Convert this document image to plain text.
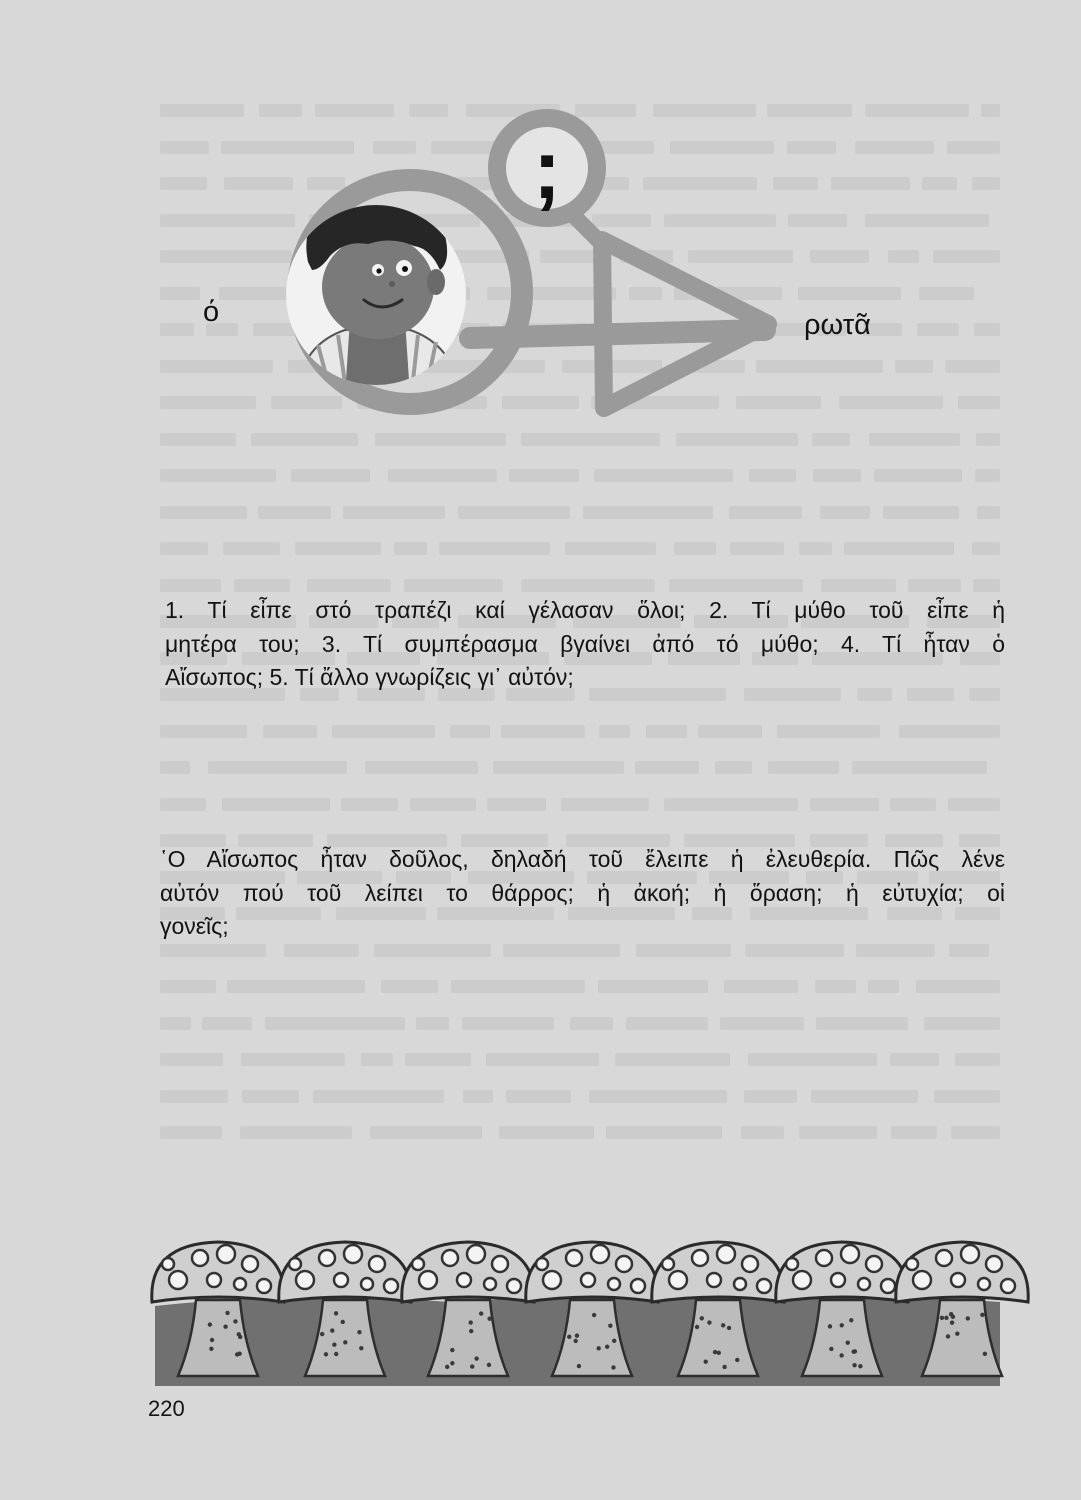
;
ό	ρωτᾶ
1. Τί εἶπε στό τραπέζι καί γέλασαν ὅλοι; 2. Τί μύθο τοῦ εἶπε ἡ
μητέρα του; 3. Τί συμπέρασμα βγαίνει ἀπό τό μύθο; 4. Τί ἦταν ὁ
Αἴσωπος; 5. Τί ἄλλο γνωρίζεις γι᾿ αὐτόν;
῾Ο Αἴσωπος ἦταν δοῦλος, δηλαδή τοῦ ἔλειπε ἡ ἐλευθερία. Πῶς λένε
αὐτόν πού τοῦ λείπει το θάρρος; ἡ ἀκοή; ἡ ὅραση; ἡ εὐτυχία; οἱ
γονεῖς;
220
